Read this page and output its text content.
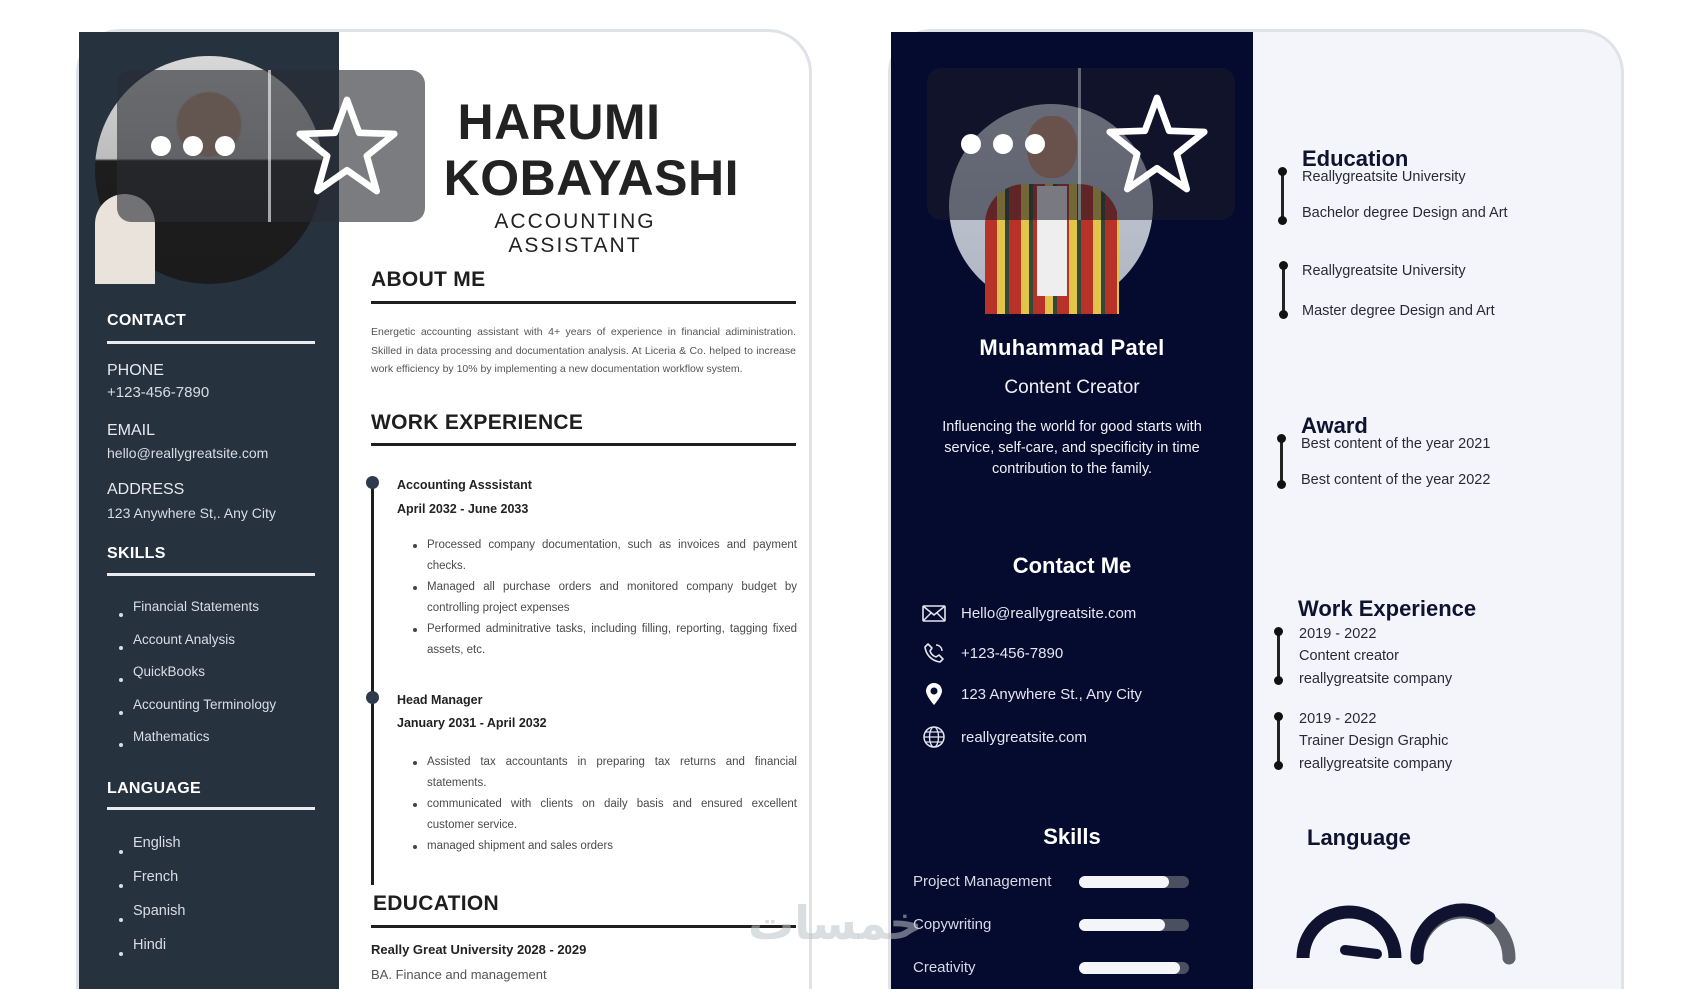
CONTACT
PHONE
+123-456-7890
EMAIL
hello@reallygreatsite.com
ADDRESS
123 Anywhere St,. Any City
SKILLS
Financial Statements
Account Analysis
QuickBooks
Accounting Terminology
Mathematics
LANGUAGE
English
French
Spanish
Hindi
HARUMI
KOBAYASHI
ACCOUNTING ASSISTANT
ABOUT ME
Energetic accounting assistant with 4+ years of experience in financial adiministration. Skilled in data processing and documentation analysis. At Liceria & Co. helped to increase work efficiency by 10% by implementing a new documentation workflow system.
WORK EXPERIENCE
Accounting Asssistant
April 2032 - June 2033
Processed company documentation, such as invoices and payment checks.
Managed all purchase orders and monitored company budget by controlling project expenses
Performed adminitrative tasks, including filling, reporting, tagging fixed assets, etc.
Head Manager
January 2031 - April 2032
Assisted tax accountants in preparing tax returns and financial statements.
communicated with clients on daily basis and ensured excellent customer service.
managed shipment and sales orders
EDUCATION
Really Great University 2028 - 2029
BA. Finance and management
Muhammad Patel
Content Creator
Influencing the world for good starts with service, self-care, and specificity in time contribution to the family.
Contact Me
Hello@reallygreatsite.com
+123-456-7890
123 Anywhere St., Any City
reallygreatsite.com
Skills
Project Management
Copywriting
Creativity
Education
Reallygreatsite University
Bachelor degree Design and Art
Reallygreatsite University
Master degree Design and Art
Award
Best content of the year 2021
Best content of the year 2022
Work Experience
2019 - 2022
Content creator
reallygreatsite company
2019 - 2022
Trainer Design Graphic
reallygreatsite company
Language
خمسات
